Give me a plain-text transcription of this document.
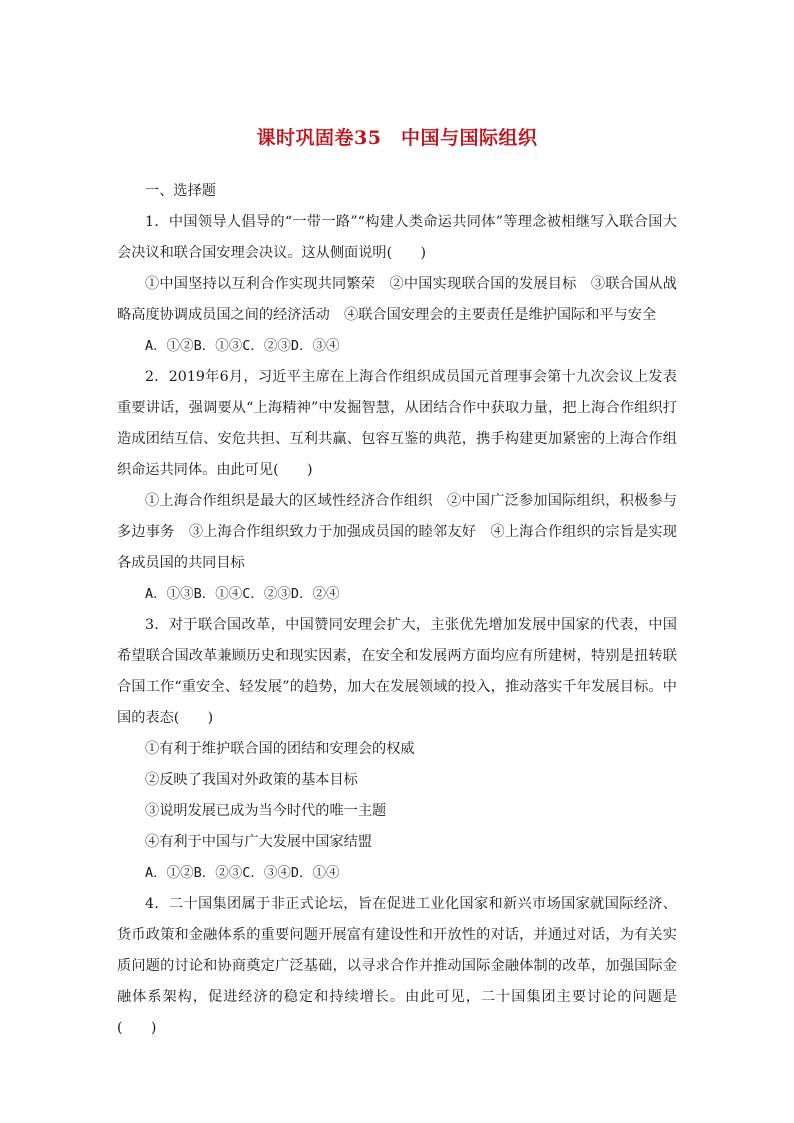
课时巩固卷35　中国与国际组织

一、选择题

1．中国领导人倡导的“一带一路”“构建人类命运共同体”等理念被相继写入联合国大会决议和联合国安理会决议。这从侧面说明(　　)

①中国坚持以互利合作实现共同繁荣　②中国实现联合国的发展目标　③联合国从战略高度协调成员国之间的经济活动　④联合国安理会的主要责任是维护国际和平与安全

A．①②B．①③C．②③D．③④

2．2019年6月，习近平主席在上海合作组织成员国元首理事会第十九次会议上发表重要讲话，强调要从“上海精神”中发掘智慧，从团结合作中获取力量，把上海合作组织打造成团结互信、安危共担、互利共赢、包容互鉴的典范，携手构建更加紧密的上海合作组织命运共同体。由此可见(　　)

①上海合作组织是最大的区域性经济合作组织　②中国广泛参加国际组织，积极参与多边事务　③上海合作组织致力于加强成员国的睦邻友好　④上海合作组织的宗旨是实现各成员国的共同目标

A．①③B．①④C．②③D．②④

3．对于联合国改革，中国赞同安理会扩大，主张优先增加发展中国家的代表，中国希望联合国改革兼顾历史和现实因素，在安全和发展两方面均应有所建树，特别是扭转联合国工作“重安全、轻发展”的趋势，加大在发展领域的投入，推动落实千年发展目标。中国的表态(　　)

①有利于维护联合国的团结和安理会的权威

②反映了我国对外政策的基本目标

③说明发展已成为当今时代的唯一主题

④有利于中国与广大发展中国家结盟

A．①②B．②③C．③④D．①④

4．二十国集团属于非正式论坛，旨在促进工业化国家和新兴市场国家就国际经济、货币政策和金融体系的重要问题开展富有建设性和开放性的对话，并通过对话，为有关实质问题的讨论和协商奠定广泛基础，以寻求合作并推动国际金融体制的改革，加强国际金融体系架构，促进经济的稳定和持续增长。由此可见，二十国集团主要讨论的问题是(　　)
